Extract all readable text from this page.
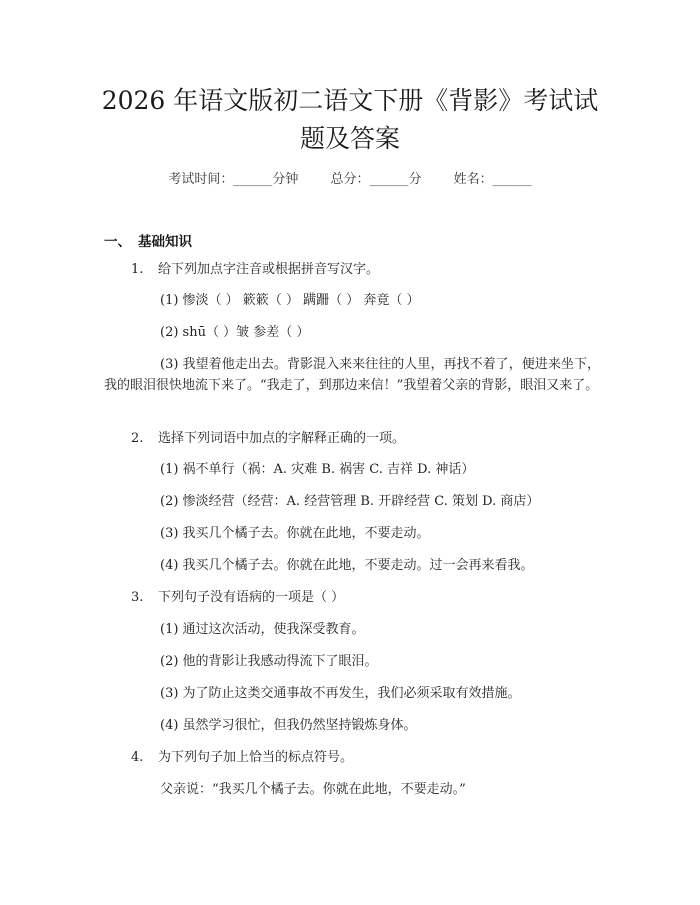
2026 年语文版初二语文下册《背影》考试试
题及答案
考试时间：______分钟 总分：______分 姓名：______
一、 基础知识
1. 给下列加点字注音或根据拼音写汉字。
(1) 惨淡（ ） 簌簌（ ） 蹒跚（ ） 奔竟（ ）
(2) shū（ ）皱 参差（ ）
(3) 我望着他走出去。背影混入来来往往的人里，再找不着了，便进来坐下，我的眼泪很快地流下来了。“我走了，到那边来信！”我望着父亲的背影，眼泪又来了。
2. 选择下列词语中加点的字解释正确的一项。
(1) 祸不单行（祸：A. 灾难 B. 祸害 C. 吉祥 D. 神话）
(2) 惨淡经营（经营：A. 经营管理 B. 开辟经营 C. 策划 D. 商店）
(3) 我买几个橘子去。你就在此地，不要走动。
(4) 我买几个橘子去。你就在此地，不要走动。过一会再来看我。
3. 下列句子没有语病的一项是（ ）
(1) 通过这次活动，使我深受教育。
(2) 他的背影让我感动得流下了眼泪。
(3) 为了防止这类交通事故不再发生，我们必须采取有效措施。
(4) 虽然学习很忙，但我仍然坚持锻炼身体。
4. 为下列句子加上恰当的标点符号。
父亲说：“我买几个橘子去。你就在此地，不要走动。”
